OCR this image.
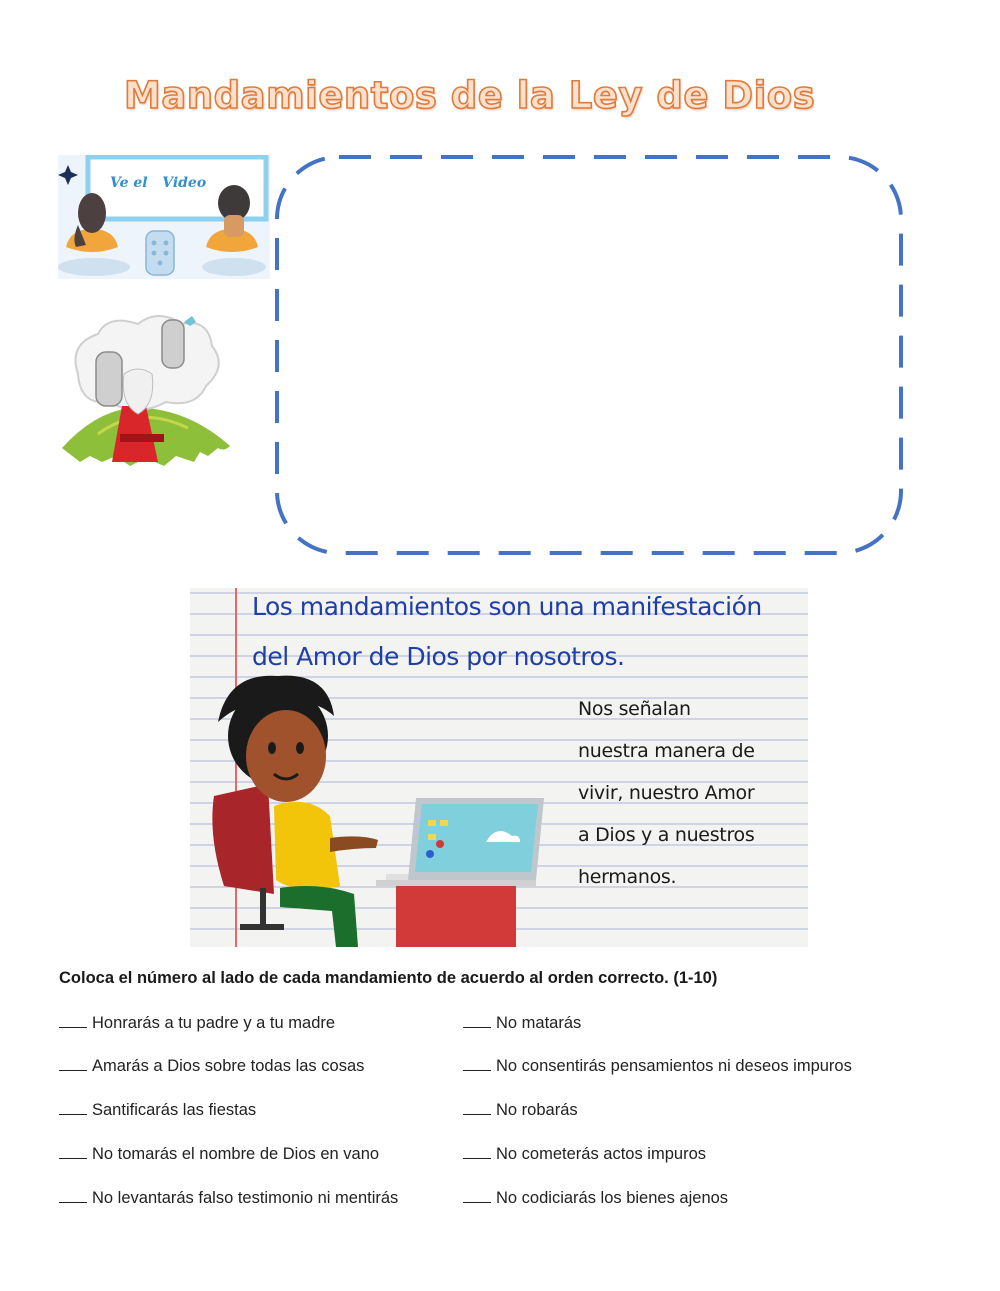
Mandamientos de la Ley de Dios
Ve el   Video
Los mandamientos son una manifestación
del Amor de Dios por nosotros.
Nos señalan
nuestra manera de
vivir, nuestro Amor
a Dios y a nuestros
hermanos.
Coloca el número al lado de cada mandamiento de acuerdo al orden correcto. (1-10)
Honrarás a tu padre y a tu madre
Amarás a Dios sobre todas las cosas
Santificarás las fiestas
No tomarás el nombre de Dios en vano
No levantarás falso testimonio ni mentirás
No matarás
No consentirás pensamientos ni deseos impuros
No robarás
No cometerás actos impuros
No codiciarás los bienes ajenos
